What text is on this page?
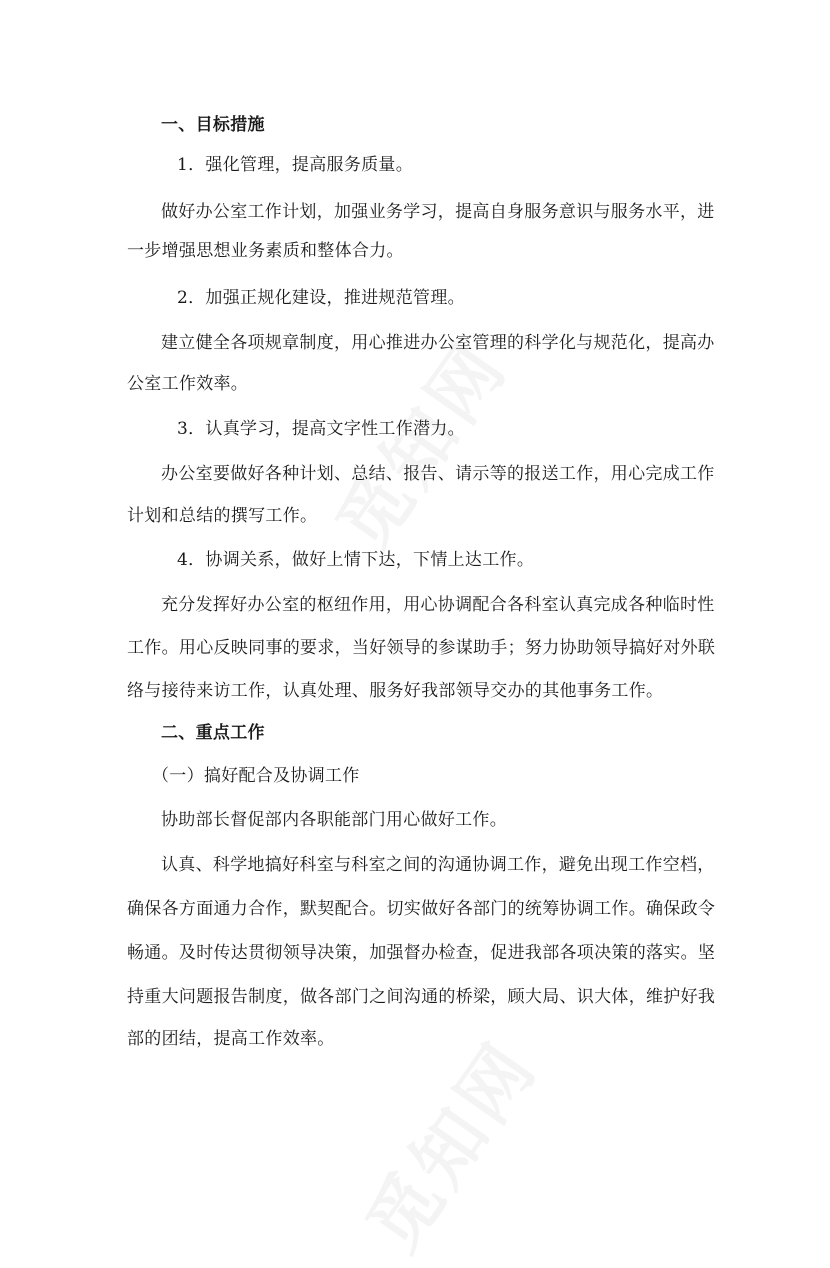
一、目标措施
1．强化管理，提高服务质量。
做好办公室工作计划，加强业务学习，提高自身服务意识与服务水平，进
一步增强思想业务素质和整体合力。
2．加强正规化建设，推进规范管理。
建立健全各项规章制度，用心推进办公室管理的科学化与规范化，提高办
公室工作效率。
3．认真学习，提高文字性工作潜力。
办公室要做好各种计划、总结、报告、请示等的报送工作，用心完成工作
计划和总结的撰写工作。
4．协调关系，做好上情下达，下情上达工作。
充分发挥好办公室的枢纽作用，用心协调配合各科室认真完成各种临时性
工作。用心反映同事的要求，当好领导的参谋助手；努力协助领导搞好对外联
络与接待来访工作，认真处理、服务好我部领导交办的其他事务工作。
二、重点工作
（一）搞好配合及协调工作
协助部长督促部内各职能部门用心做好工作。
认真、科学地搞好科室与科室之间的沟通协调工作，避免出现工作空档，
确保各方面通力合作，默契配合。切实做好各部门的统筹协调工作。确保政令
畅通。及时传达贯彻领导决策，加强督办检查，促进我部各项决策的落实。坚
持重大问题报告制度，做各部门之间沟通的桥梁，顾大局、识大体，维护好我
部的团结，提高工作效率。
